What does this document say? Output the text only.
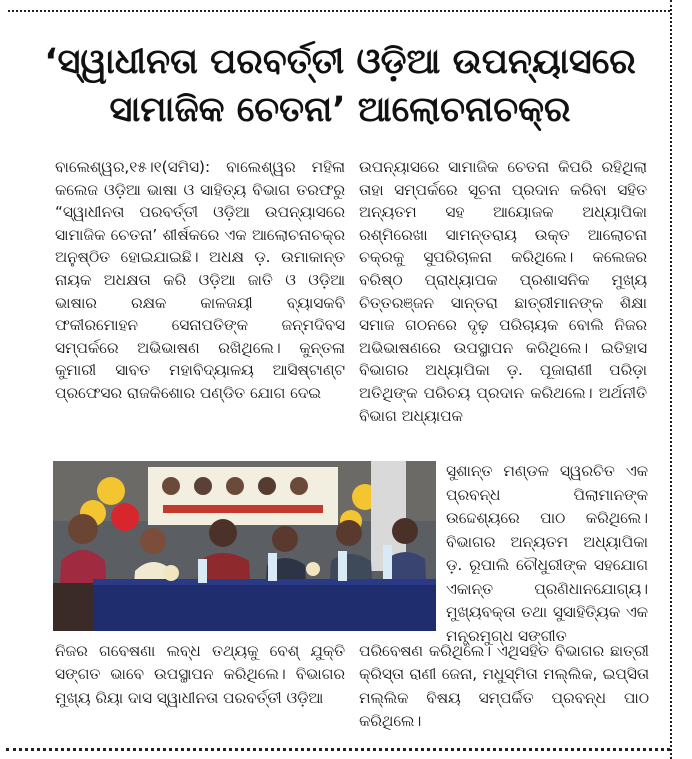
‘ସ୍ୱାଧୀନତା ପରବର୍ତ୍ତୀ ଓଡ଼ିଆ ଉପନ୍ୟାସରେ
ସାମାଜିକ ଚେତନା’ ଆଲୋଚନାଚକ୍ର

ବାଲେଶ୍ୱର,୧୫।୧(ସମିସ): ବାଲେଶ୍ୱର ମହିଳା କଲେଜ ଓଡ଼ିଆ ଭାଷା ଓ ସାହିତ୍ୟ ବିଭାଗ ତରଫରୁ “ସ୍ୱାଧୀନତା ପରବର୍ତ୍ତୀ ଓଡ଼ିଆ ଉପନ୍ୟାସରେ ସାମାଜିକ ଚେତନା’ ଶୀର୍ଷକରେ ଏକ ଆଲୋଚନାଚକ୍ର ଅନୁଷ୍ଠିତ ହୋଇଯାଇଛି। ଅଧକ୍ଷ ଡ଼. ଉମାକାନ୍ତ ନାୟକ ଅଧକ୍ଷତା କରି ଓଡ଼ିଆ ଜାତି ଓ ଓଡ଼ିଆ ଭାଷାର ରକ୍ଷକ କାଳଜୟୀ ବ୍ୟାସକବି ଫକୀରମୋହନ ସେନାପତିଙ୍କ ଜନ୍ମଦିବସ ସମ୍ପର୍କରେ ଅଭିଭାଷଣ ରଖିଥିଲେ। କୁନ୍ତଳା କୁମାରୀ ସାବତ ମହାବିଦ୍ୟାଳୟ ଆସିଷ୍ଟାଣ୍ଟ ପ୍ରଫେସର ରାଜକିଶୋର ପଣ୍ଡିତ ଯୋଗ ଦେଇ

ଉପନ୍ୟାସରେ ସାମାଜିକ ଚେତନା କିପରି ରହିଥିଲା ତାହା ସମ୍ପର୍କରେ ସୂଚନା ପ୍ରଦାନ କରିବା ସହିତ ଅନ୍ୟତମ ସହ ଆୟୋଜକ ଅଧ୍ୟାପିକା ରଶ୍ମିରେଖା ସାମନ୍ତରାୟ ଉକ୍ତ ଆଲୋଚନା ଚକ୍ରକୁ ସୁପରିଚାଳନା କରିଥିଲେ। କଲେଜର ବରିଷ୍ଠ ପ୍ରାଧ୍ୟାପକ ପ୍ରଶାସନିକ ମୁଖ୍ୟ ଚିତ୍ତରଞ୍ଜନ ସାନ୍ତରା ଛାତ୍ରୀମାନଙ୍କ ଶିକ୍ଷା ସମାଜ ଗଠନରେ ଦୃଢ଼ ପରିଚାୟକ ବୋଲି ନିଜର ଅଭିଭାଷଣରେ ଉପସ୍ଥାପନ କରିଥିଲେ। ଇତିହାସ ବିଭାଗର ଅଧ୍ୟାପିକା ଡ଼. ପୂଜାରାଣୀ ପରିଡ଼ା ଅତିଥିଙ୍କ ପରିଚୟ ପ୍ରଦାନ କରିଥଲେ। ଅର୍ଥନୀତି ବିଭାଗ ଅଧ୍ୟାପକ

ସୁଶାନ୍ତ ମଣ୍ଡଳ ସ୍ୱରଚିତ ଏକ ପ୍ରବନ୍ଧ ପିଲାମାନଙ୍କ ଉଦ୍ଦେଶ୍ୟରେ ପାଠ କରିଥିଲେ। ବିଭାଗର ଅନ୍ୟତମ ଅଧ୍ୟାପିକା ଡ଼. ରୂପାଲି ଚୌଧୁରୀଙ୍କ ସହଯୋଗ ଏକାନ୍ତ ପ୍ରଣିଧାନଯୋଗ୍ୟ। ମୁଖ୍ୟବକ୍ତା ତଥା ସୁସାହିତ୍ୟିକ ଏକ ମନ୍ତ୍ରମୁଗ୍ଧ ସଙ୍ଗୀତ

ନିଜର ଗବେଷଣା ଲବ୍ଧ ତଥ୍ୟକୁ ବେଶ୍ ଯୁକ୍ତି ସଙ୍ଗତ ଭାବେ ଉପସ୍ଥାପନ କରିଥିଲେ। ବିଭାଗର ମୁଖ୍ୟ ରିୟା ଦାସ ସ୍ୱାଧୀନତା ପରବର୍ତ୍ତୀ ଓଡ଼ିଆ

ପରିବେଷଣ କରିଥିଲେ। ଏଥିସହିତ ବିଭାଗର ଛାତ୍ରୀ କ୍ରିସ୍ତା ରାଣୀ ଜେନା, ମଧୁସ୍ମିତା ମଲ୍ଲିକ, ଇପ୍ସିତା ମଲ୍ଲିକ ବିଷୟ ସମ୍ପର୍କିତ ପ୍ରବନ୍ଧ ପାଠ କରିଥିଲେ।
